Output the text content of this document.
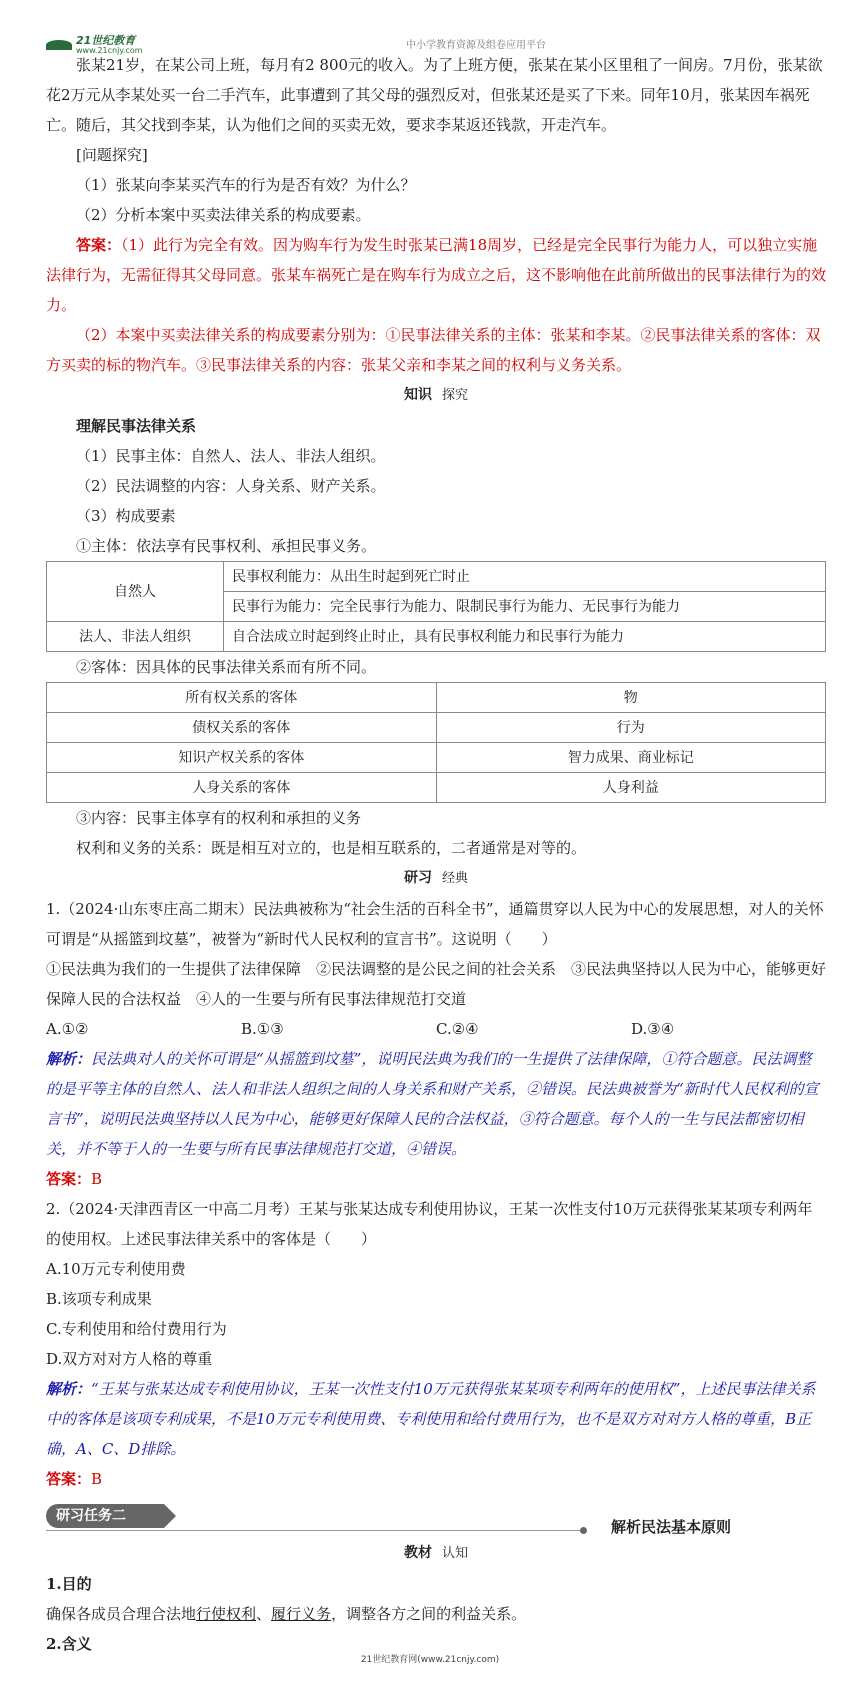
21世纪教育
www.21cnjy.com	中小学教育资源及组卷应用平台

张某21岁，在某公司上班，每月有2 800元的收入。为了上班方便，张某在某小区里租了一间房。7月份，张某欲花2万元从李某处买一台二手汽车，此事遭到了其父母的强烈反对，但张某还是买了下来。同年10月，张某因车祸死亡。随后，其父找到李某，认为他们之间的买卖无效，要求李某返还钱款，开走汽车。

[问题探究]

（1）张某向李某买汽车的行为是否有效？为什么？

（2）分析本案中买卖法律关系的构成要素。

答案：（1）此行为完全有效。因为购车行为发生时张某已满18周岁，已经是完全民事行为能力人，可以独立实施法律行为，无需征得其父母同意。张某车祸死亡是在购车行为成立之后，这不影响他在此前所做出的民事法律行为的效力。

（2）本案中买卖法律关系的构成要素分别为：①民事法律关系的主体：张某和李某。②民事法律关系的客体：双方买卖的标的物汽车。③民事法律关系的内容：张某父亲和李某之间的权利与义务关系。

知识 探究

理解民事法律关系

（1）民事主体：自然人、法人、非法人组织。

（2）民法调整的内容：人身关系、财产关系。

（3）构成要素

①主体：依法享有民事权利、承担民事义务。

自然人	民事权利能力：从出生时起到死亡时止
	民事行为能力：完全民事行为能力、限制民事行为能力、无民事行为能力
法人、非法人组织	自合法成立时起到终止时止，具有民事权利能力和民事行为能力

②客体：因具体的民事法律关系而有所不同。

所有权关系的客体	物
债权关系的客体	行为
知识产权关系的客体	智力成果、商业标记
人身关系的客体	人身利益

③内容：民事主体享有的权利和承担的义务

权利和义务的关系：既是相互对立的，也是相互联系的，二者通常是对等的。

研习 经典

1.（2024·山东枣庄高二期末）民法典被称为“社会生活的百科全书”，通篇贯穿以人民为中心的发展思想，对人的关怀可谓是“从摇篮到坟墓”，被誉为“新时代人民权利的宣言书”。这说明（　　）

①民法典为我们的一生提供了法律保障　②民法调整的是公民之间的社会关系　③民法典坚持以人民为中心，能够更好保障人民的合法权益　④人的一生要与所有民事法律规范打交道

A.①②	B.①③	C.②④	D.③④

解析：民法典对人的关怀可谓是“从摇篮到坟墓”，说明民法典为我们的一生提供了法律保障，①符合题意。民法调整的是平等主体的自然人、法人和非法人组织之间的人身关系和财产关系，②错误。民法典被誉为“新时代人民权利的宣言书”，说明民法典坚持以人民为中心，能够更好保障人民的合法权益，③符合题意。每个人的一生与民法都密切相关，并不等于人的一生要与所有民事法律规范打交道，④错误。

答案：B

2.（2024·天津西青区一中高二月考）王某与张某达成专利使用协议，王某一次性支付10万元获得张某某项专利两年的使用权。上述民事法律关系中的客体是（　　）

A.10万元专利使用费

B.该项专利成果

C.专利使用和给付费用行为

D.双方对对方人格的尊重

解析：“王某与张某达成专利使用协议，王某一次性支付10万元获得张某某项专利两年的使用权”，上述民事法律关系中的客体是该项专利成果，不是10万元专利使用费、专利使用和给付费用行为，也不是双方对对方人格的尊重，B正确，A、C、D排除。

答案：B

研习任务二
解析民法基本原则

教材 认知

1.目的

确保各成员合理合法地行使权利、履行义务，调整各方之间的利益关系。

2.含义

21世纪教育网(www.21cnjy.com)
